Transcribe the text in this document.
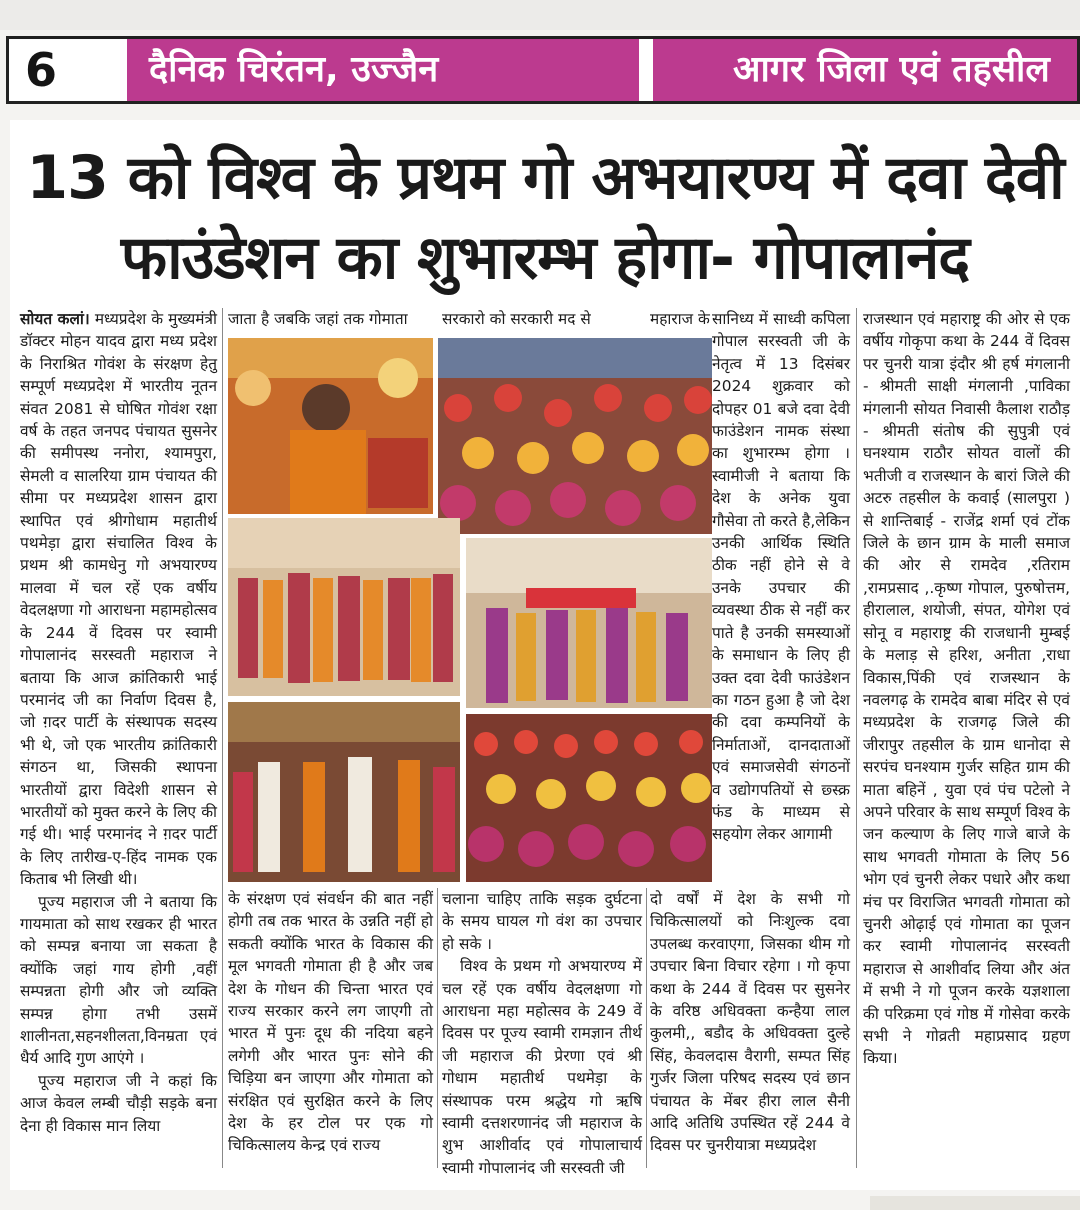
6	दैनिक चिरंतन, उज्जैन	आगर जिला एवं तहसील
13 को विश्व के प्रथम गो अभयारण्य में दवा देवी
फाउंडेशन का शुभारम्भ होगा- गोपालानंद

सोयत कलां। मध्यप्रदेश के मुख्यमंत्री डॉक्टर मोहन यादव द्वारा मध्य प्रदेश के निराश्रित गोवंश के संरक्षण हेतु सम्पूर्ण मध्यप्रदेश में भारतीय नूतन संवत 2081 से घोषित गोवंश रक्षा वर्ष के तहत जनपद पंचायत सुसनेर की समीपस्थ ननोरा, श्यामपुरा, सेमली व सालरिया ग्राम पंचायत की सीमा पर मध्यप्रदेश शासन द्वारा स्थापित एवं श्रीगोधाम महातीर्थ पथमेड़ा द्वारा संचालित विश्व के प्रथम श्री कामधेनु गो अभयारण्य मालवा में चल रहें एक वर्षीय वेदलक्षणा गो आराधना महामहोत्सव के 244 वें दिवस पर स्वामी गोपालानंद सरस्वती महाराज ने बताया कि आज क्रांतिकारी भाई परमानंद जी का निर्वाण दिवस है, जो ग़दर पार्टी के संस्थापक सदस्य भी थे, जो एक भारतीय क्रांतिकारी संगठन था, जिसकी स्थापना भारतीयों द्वारा विदेशी शासन से भारतीयों को मुक्त करने के लिए की गई थी। भाई परमानंद ने ग़दर पार्टी के लिए तारीख-ए-हिंद नामक एक किताब भी लिखी थी।

पूज्य महाराज जी ने बताया कि गायमाता को साथ रखकर ही भारत को सम्पन्न बनाया जा सकता है क्योंकि जहां गाय होगी ,वहीं सम्पन्नता होगी और जो व्यक्ति सम्पन्न होगा तभी उसमें शालीनता,सहनशीलता,विनम्रता एवं धैर्य आदि गुण आएंगे ।

पूज्य महाराज जी ने कहां कि आज केवल लम्बी चौड़ी सड़के बना देना ही विकास मान लिया

जाता है जबकि जहां तक गोमाता	सरकारो को सरकारी मद से	महाराज के सानिध्य में साध्वी कपिला गोपाल सरस्वती जी के नेतृत्व में 13 दिसंबर 2024 शुक्रवार को दोपहर 01 बजे दवा देवी फाउंडेशन नामक संस्था का शुभारम्भ होगा । स्वामीजी ने बताया कि देश के अनेक युवा गौसेवा तो करते है,लेकिन उनकी आर्थिक स्थिति ठीक नहीं होने से वे उनके उपचार की व्यवस्था ठीक से नहीं कर पाते है उनकी समस्याओं के समाधान के लिए ही उक्त दवा देवी फाउंडेशन का गठन हुआ है जो देश की दवा कम्पनियों के निर्माताओं, दानदाताओं एवं समाजसेवी संगठनों व उद्योगपतियों से छ्स्क्र फंड के माध्यम से सहयोग लेकर आगामी

के संरक्षण एवं संवर्धन की बात नहीं होगी तब तक भारत के उन्नति नहीं हो सकती क्योंकि भारत के विकास की मूल भगवती गोमाता ही है और जब देश के गोधन की चिन्ता भारत एवं राज्य सरकार करने लग जाएगी तो भारत में पुनः दूध की नदिया बहने लगेगी और भारत पुनः सोने की चिड़िया बन जाएगा और गोमाता को संरक्षित एवं सुरक्षित करने के लिए देश के हर टोल पर एक गो चिकित्सालय केन्द्र एवं राज्य

चलाना चाहिए ताकि सड़क दुर्घटना के समय घायल गो वंश का उपचार हो सके ।

विश्व के प्रथम गो अभयारण्य में चल रहें एक वर्षीय वेदलक्षणा गो आराधना महा महोत्सव के 249 वें दिवस पर पूज्य स्वामी रामज्ञान तीर्थ जी महाराज की प्रेरणा एवं श्री गोधाम महातीर्थ पथमेड़ा के संस्थापक परम श्रद्धेय गो ऋषि स्वामी दत्तशरणानंद जी महाराज के शुभ आशीर्वाद एवं गोपालाचार्य स्वामी गोपालानंद जी सरस्वती जी

दो वर्षों में देश के सभी गो चिकित्सालयों को निःशुल्क दवा उपलब्ध करवाएगा, जिसका थीम गो उपचार बिना विचार रहेगा । गो कृपा कथा के 244 वें दिवस पर सुसनेर के वरिष्ठ अधिवक्ता कन्हैया लाल कुलमी,, बडौद के अधिवक्ता दुल्हे सिंह, केवलदास वैरागी, सम्पत सिंह गुर्जर जिला परिषद सदस्य एवं छान पंचायत के मेंबर हीरा लाल सैनी आदि अतिथि उपस्थित रहें 244 वे दिवस पर चुनरीयात्रा मध्यप्रदेश

राजस्थान एवं महाराष्ट्र की ओर से एक वर्षीय गोकृपा कथा के 244 वें दिवस पर चुनरी यात्रा इंदौर श्री हर्ष मंगलानी - श्रीमती साक्षी मंगलानी ,पाविका मंगलानी सोयत निवासी कैलाश राठौड़ - श्रीमती संतोष की सुपुत्री एवं घनश्याम राठौर सोयत वालों की भतीजी व राजस्थान के बारां जिले की अटरु तहसील के कवाई (सालपुरा ) से शान्तिबाई - राजेंद्र शर्मा एवं टोंक जिले के छान ग्राम के माली समाज की ओर से रामदेव ,रतिराम ,रामप्रसाद ,.कृष्ण गोपाल, पुरुषोत्तम, हीरालाल, शयोजी, संपत, योगेश एवं सोनू व महाराष्ट्र की राजधानी मुम्बई के मलाड़ से हरिश, अनीता ,राधा विकास,पिंकी एवं राजस्थान के नवलगढ़ के रामदेव बाबा मंदिर से एवं मध्यप्रदेश के राजगढ़ जिले की जीरापुर तहसील के ग्राम धानोदा से सरपंच घनश्याम गुर्जर सहित ग्राम की माता बहिनें , युवा एवं पंच पटेलो ने अपने परिवार के साथ सम्पूर्ण विश्व के जन कल्याण के लिए गाजे बाजे के साथ भगवती गोमाता के लिए 56 भोग एवं चुनरी लेकर पधारे और कथा मंच पर विराजित भगवती गोमाता को चुनरी ओढ़ाई एवं गोमाता का पूजन कर स्वामी गोपालानंद सरस्वती महाराज से आशीर्वाद लिया और अंत में सभी ने गो पूजन करके यज्ञशाला की परिक्रमा एवं गोष्ठ में गोसेवा करके सभी ने गोव्रती महाप्रसाद ग्रहण किया।
